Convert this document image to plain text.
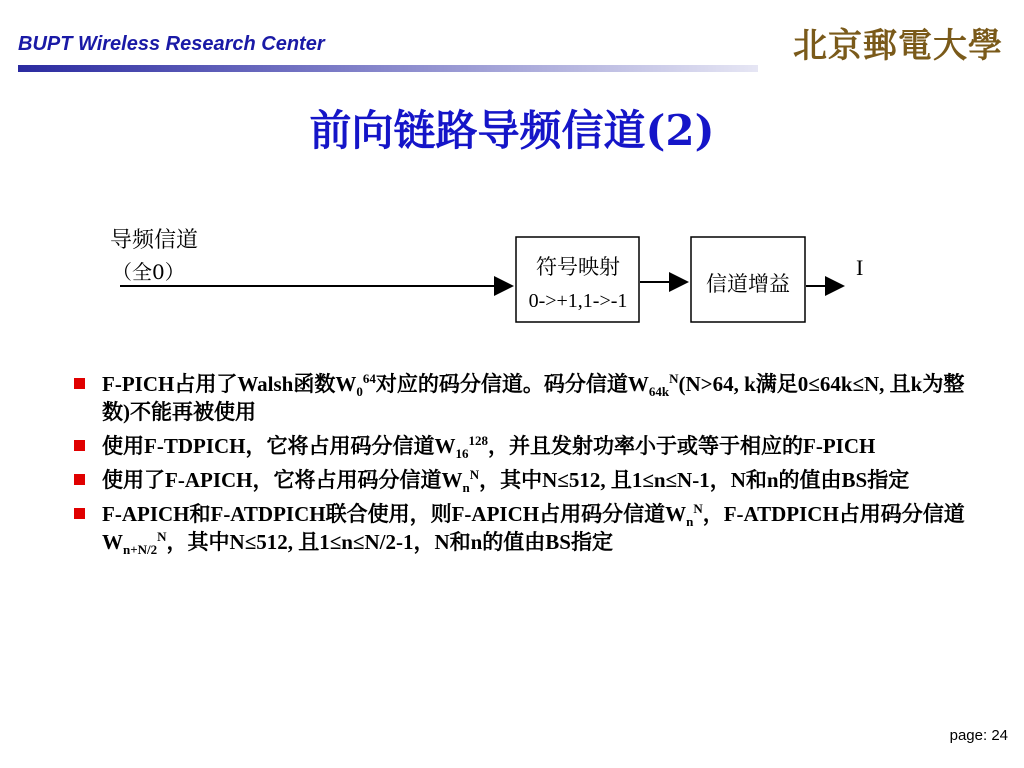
BUPT Wireless Research Center	北京郵電大學
前向链路导频信道(2)
导频信道
（全0）	符号映射
0->+1,1->-1
信道增益
I
F-PICH占用了Walsh函数$W_0^{64}$对应的码分信道。码分信道$W_{64k}^N(N>64$, k满足0≤64k≤N, 且k为整数)不能再被使用
使用F-TDPICH，它将占用码分信道$W_{16}^{128}$，并且发射功率小于或等于相应的F-PICH
使用了F-APICH，它将占用码分信道$W_n^N$，其中N≤512, 且1≤n≤N-1，N和n的值由BS指定
F-APICH和F-ATDPICH联合使用，则F-APICH占用码分信道$W_n^N$，F-ATDPICH占用码分信道$W_{n+N/2}^N$，其中N≤512, 且1≤n≤N/2-1，N和n的值由BS指定
page: 24
